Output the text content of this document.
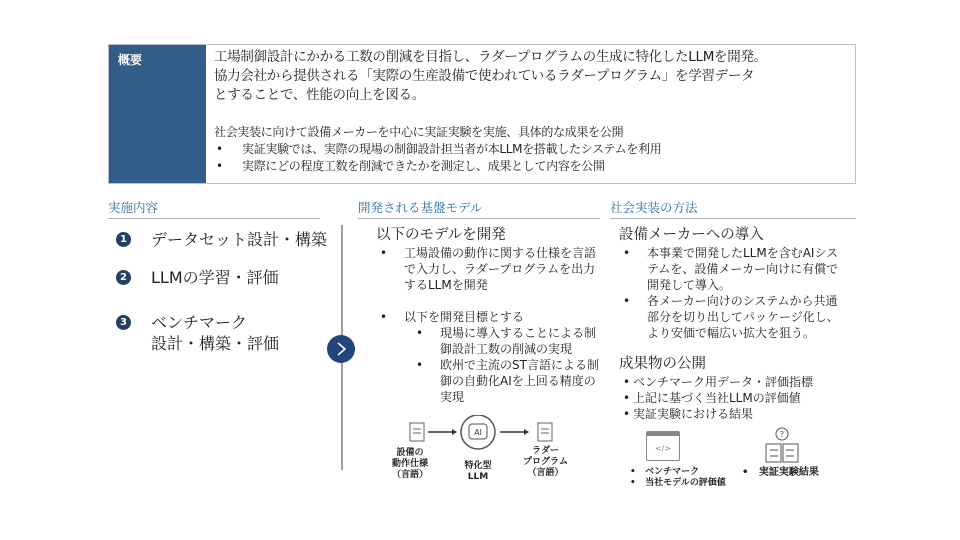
概要	工場制御設計にかかる工数の削減を目指し、ラダープログラムの生成に特化したLLMを開発。
協力会社から提供される「実際の生産設備で使われているラダープログラム」を学習データ
とすることで、性能の向上を図る。
社会実装に向けて設備メーカーを中心に実証実験を実施、具体的な成果を公開
•	実証実験では、実際の現場の制御設計担当者が本LLMを搭載したシステムを利用
•	実際にどの程度工数を削減できたかを測定し、成果として内容を公開
実施内容	開発される基盤モデル	社会実装の方法
1 データセット設計・構築
2 LLMの学習・評価
3 ベンチマーク
設計・構築・評価
以下のモデルを開発
•	工場設備の動作に関する仕様を言語で入力し、ラダープログラムを出力するLLMを開発
•	以下を開発目標とする
•	現場に導入することによる制御設計工数の削減の実現
•	欧州で主流のST言語による制御の自動化AIを上回る精度の実現
AI
設備の
動作仕様
（言語）
特化型
LLM
ラダー
プログラム
（言語）
設備メーカーへの導入
•	本事業で開発したLLMを含むAIシステムを、設備メーカー向けに有償で開発して導入。
•	各メーカー向けのシステムから共通部分を切り出してパッケージ化し、より安価で幅広い拡大を狙う。
成果物の公開
• ベンチマーク用データ・評価指標
• 上記に基づく当社LLMの評価値
• 実証実験における結果
</>
?
•   ベンチマーク
•   当社モデルの評価値
•   実証実験結果
